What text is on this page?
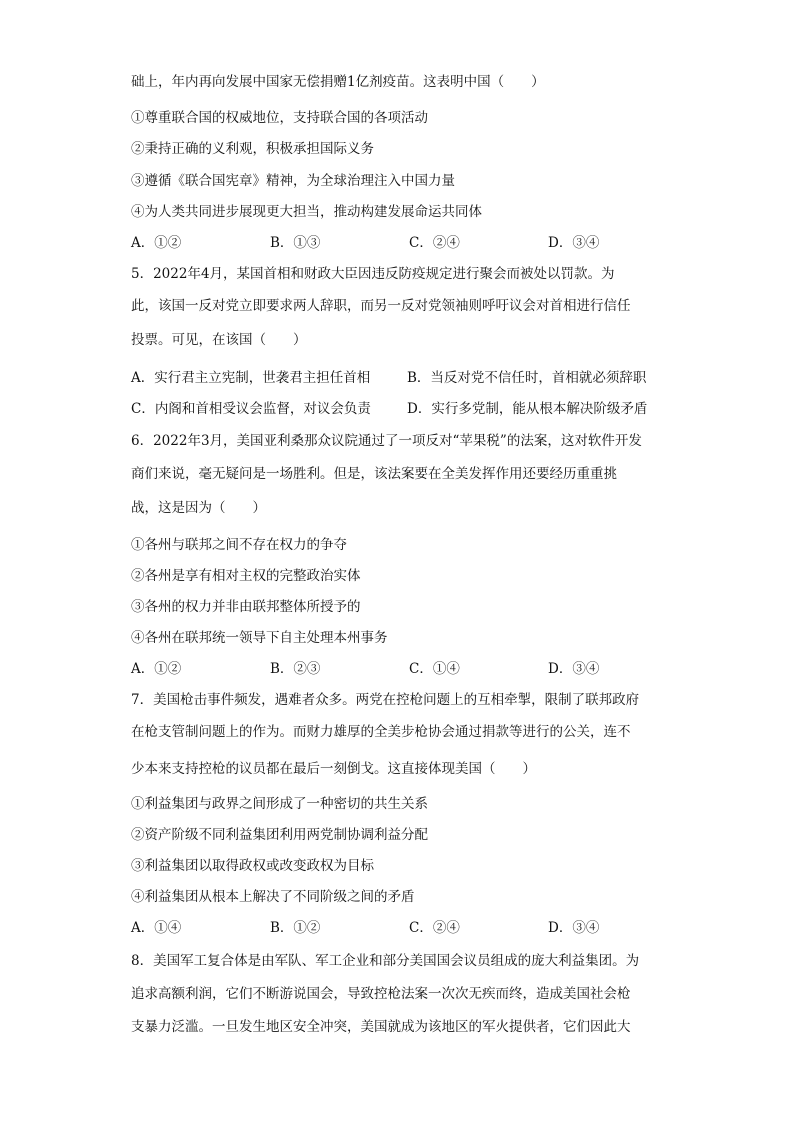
础上，年内再向发展中国家无偿捐赠1亿剂疫苗。这表明中国（　　）
①尊重联合国的权威地位，支持联合国的各项活动
②秉持正确的义利观，积极承担国际义务
③遵循《联合国宪章》精神，为全球治理注入中国力量
④为人类共同进步展现更大担当，推动构建发展命运共同体
A．①②	B．①③	C．②④	D．③④
5．2022年4月，某国首相和财政大臣因违反防疫规定进行聚会而被处以罚款。为
此，该国一反对党立即要求两人辞职，而另一反对党领袖则呼吁议会对首相进行信任
投票。可见，在该国（　　）
A．实行君主立宪制，世袭君主担任首相	B．当反对党不信任时，首相就必须辞职
C．内阁和首相受议会监督，对议会负责	D．实行多党制，能从根本解决阶级矛盾
6．2022年3月，美国亚利桑那众议院通过了一项反对“苹果税”的法案，这对软件开发
商们来说，毫无疑问是一场胜利。但是，该法案要在全美发挥作用还要经历重重挑
战，这是因为（　　）
①各州与联邦之间不存在权力的争夺
②各州是享有相对主权的完整政治实体
③各州的权力并非由联邦整体所授予的
④各州在联邦统一领导下自主处理本州事务
A．①②	B．②③	C．①④	D．③④
7．美国枪击事件频发，遇难者众多。两党在控枪问题上的互相牵掣，限制了联邦政府
在枪支管制问题上的作为。而财力雄厚的全美步枪协会通过捐款等进行的公关，连不
少本来支持控枪的议员都在最后一刻倒戈。这直接体现美国（　　）
①利益集团与政界之间形成了一种密切的共生关系
②资产阶级不同利益集团利用两党制协调利益分配
③利益集团以取得政权或改变政权为目标
④利益集团从根本上解决了不同阶级之间的矛盾
A．①④	B．①②	C．②④	D．③④
8．美国军工复合体是由军队、军工企业和部分美国国会议员组成的庞大利益集团。为
追求高额利润，它们不断游说国会，导致控枪法案一次次无疾而终，造成美国社会枪
支暴力泛滥。一旦发生地区安全冲突，美国就成为该地区的军火提供者，它们因此大
